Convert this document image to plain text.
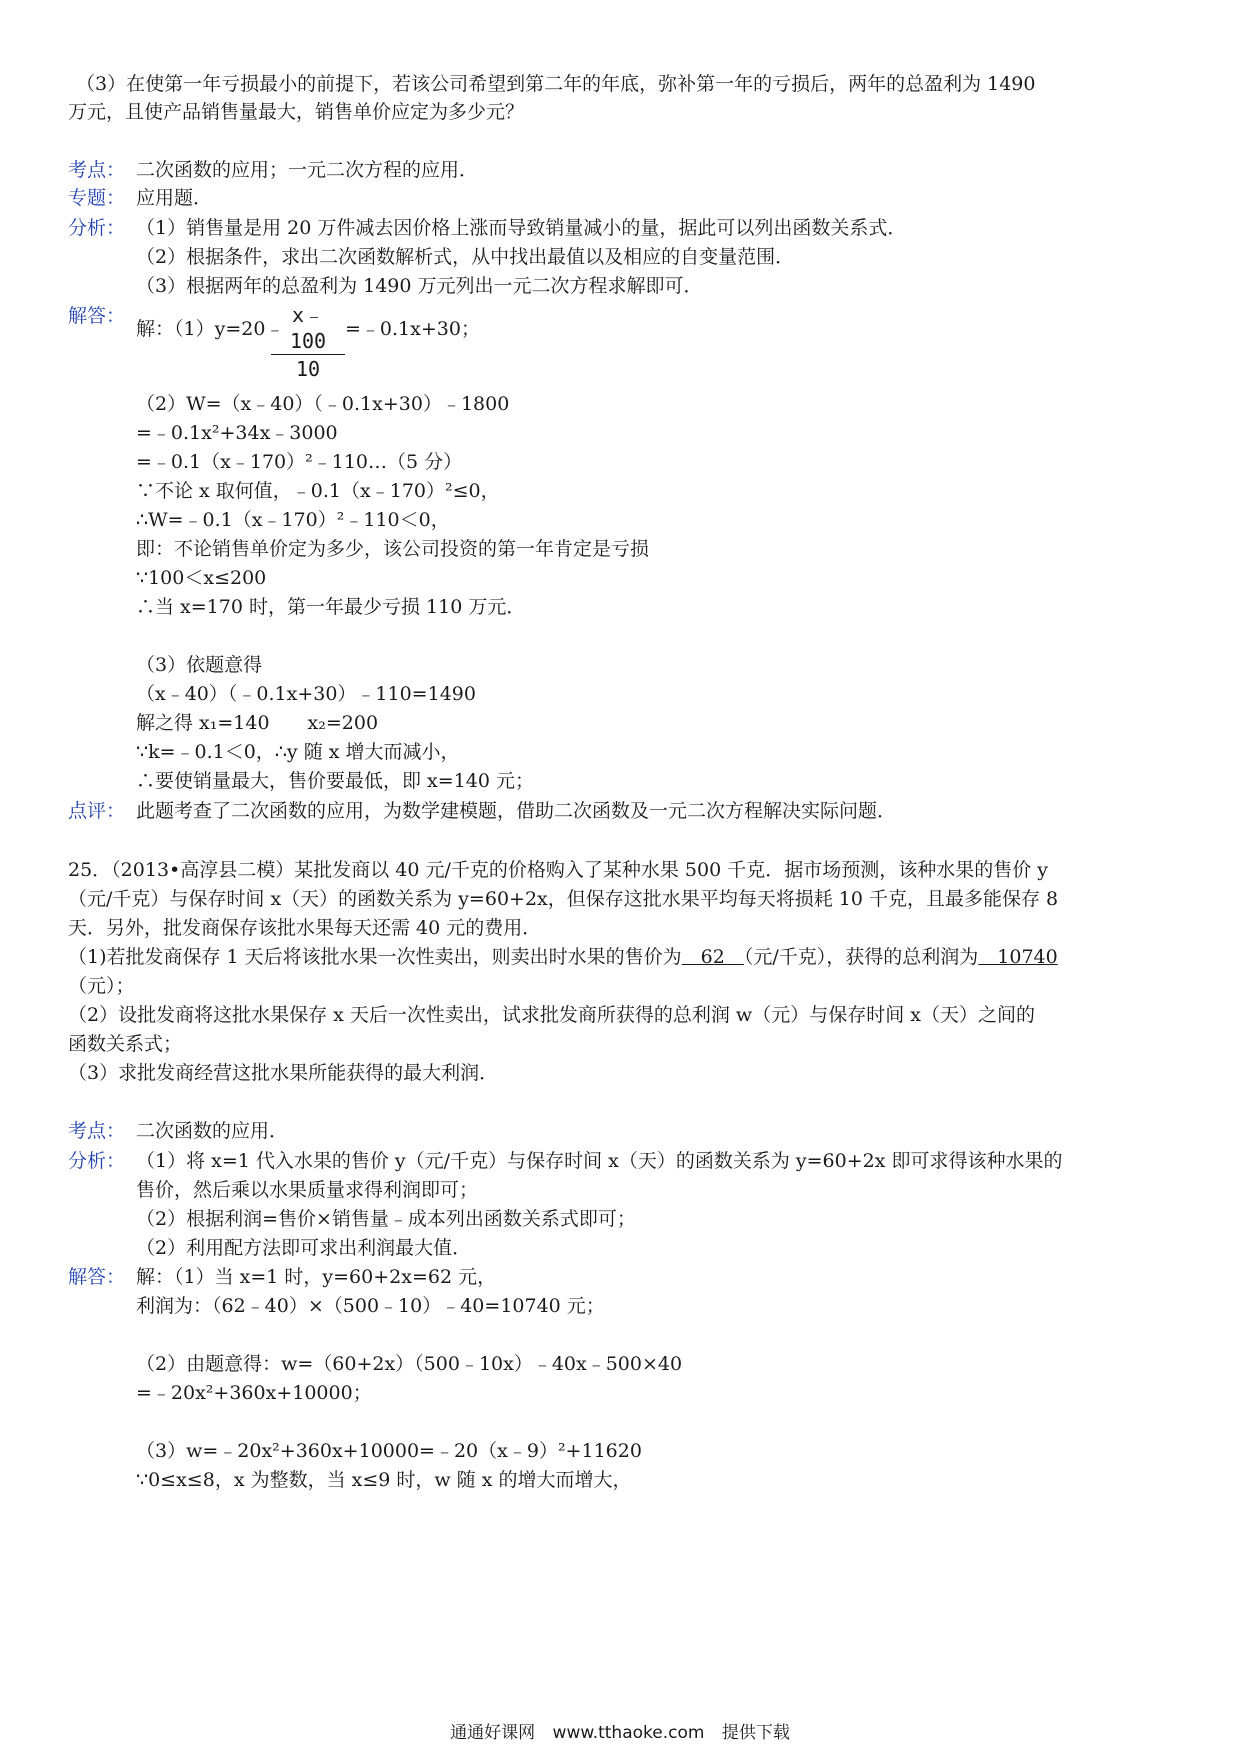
（3）在使第一年亏损最小的前提下，若该公司希望到第二年的年底，弥补第一年的亏损后，两年的总盈利为 1490
万元，且使产品销售量最大，销售单价应定为多少元？
考点： 二次函数的应用；一元二次方程的应用．
专题： 应用题．
分析： （1）销售量是用 20 万件减去因价格上涨而导致销量减小的量，据此可以列出函数关系式．
（2）根据条件，求出二次函数解析式，从中找出最值以及相应的自变量范围．
（3）根据两年的总盈利为 1490 万元列出一元二次方程求解即可．
解答：
解：（1）y=20﹣
$\frac{x﹣100}{10}$ =﹣0.1x+30；
（2）W=（x﹣40）（﹣0.1x+30）﹣1800
=﹣0.1x²+34x﹣3000
=﹣0.1（x﹣170）²﹣110…（5 分）
∵不论 x 取何值，﹣0.1（x﹣170）²≤0，
∴W=﹣0.1（x﹣170）²﹣110＜0，
即：不论销售单价定为多少，该公司投资的第一年肯定是亏损
∵100＜x≤200
∴当 x=170 时，第一年最少亏损 110 万元．
（3）依题意得
（x﹣40）（﹣0.1x+30）﹣110=1490
解之得 x₁=140　　x₂=200
∵k=﹣0.1＜0，∴y 随 x 增大而减小，
∴要使销量最大，售价要最低，即 x=140 元；
点评： 此题考查了二次函数的应用，为数学建模题，借助二次函数及一元二次方程解决实际问题．
25．（2013•高淳县二模）某批发商以 40 元/千克的价格购入了某种水果 500 千克．据市场预测，该种水果的售价 y
（元/千克）与保存时间 x（天）的函数关系为 y=60+2x，但保存这批水果平均每天将损耗 10 千克，且最多能保存 8
天．另外，批发商保存该批水果每天还需 40 元的费用．
（1)若批发商保存 1 天后将该批水果一次性卖出，则卖出时水果的售价为　62　（元/千克），获得的总利润为　10740
（元）；
（2）设批发商将这批水果保存 x 天后一次性卖出，试求批发商所获得的总利润 w（元）与保存时间 x（天）之间的
函数关系式；
（3）求批发商经营这批水果所能获得的最大利润．
考点： 二次函数的应用．
分析： （1）将 x=1 代入水果的售价 y（元/千克）与保存时间 x（天）的函数关系为 y=60+2x 即可求得该种水果的
售价，然后乘以水果质量求得利润即可；
（2）根据利润=售价×销售量﹣成本列出函数关系式即可；
（2）利用配方法即可求出利润最大值．
解答： 解：（1）当 x=1 时，y=60+2x=62 元，
利润为：（62﹣40）×（500﹣10）﹣40=10740 元；
（2）由题意得：w=（60+2x）（500﹣10x）﹣40x﹣500×40
=﹣20x²+360x+10000；
（3）w=﹣20x²+360x+10000=﹣20（x﹣9）²+11620
∵0≤x≤8，x 为整数，当 x≤9 时，w 随 x 的增大而增大，
通通好课网 www.tthaoke.com 提供下载
